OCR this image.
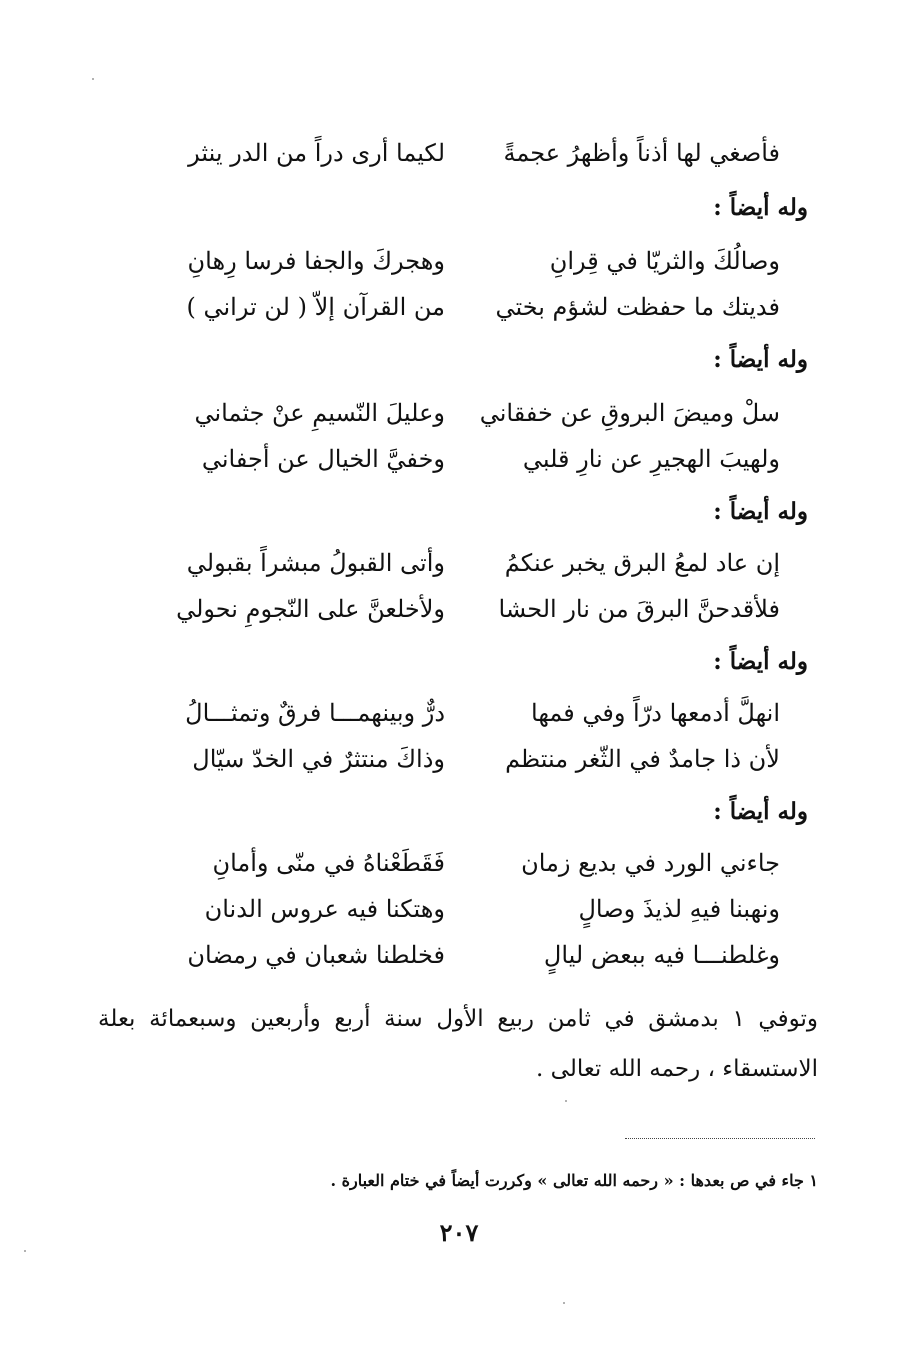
فأصغي لها أذناً وأظهرُ عجمةً
لكيما أرى دراً من الدر ينثر
وله أيضاً :
وصالُكَ والثريّا في قِرانِ
وهجركَ والجفا فرسا رِهانِ
فديتك ما حفظت لشؤم بختي
من القرآن إلاّ ( لن تراني )
وله أيضاً :
سلْ وميضَ البروقِ عن خفقاني
وعليلَ النّسيمِ عنْ جثماني
ولهيبَ الهجيرِ عن نارِ قلبي
وخفيَّ الخيال عن أجفاني
وله أيضاً :
إن عاد لمعُ البرق يخبر عنكمُ
وأتى القبولُ مبشراً بقبولي
فلأقدحنَّ البرقَ من نار الحشا
ولأخلعنَّ على النّجومِ نحولي
وله أيضاً :
انهلَّ أدمعها درّاً وفي فمها
درٌّ وبينهمـــا فرقٌ وتمثـــالُ
لأن ذا جامدٌ في الثّغر منتظم
وذاكَ منتثرٌ في الخدّ سيّال
وله أيضاً :
جاءني الورد في بديع زمان
فَقَطَعْناهُ في منّى وأمانِ
ونهبنا فيهِ لذيذَ وصالٍ
وهتكنا فيه عروس الدنان
وغلطنـــا فيه ببعض ليالٍ
فخلطنا شعبان في رمضان

وتوفي ١ بدمشق في ثامن ربيع الأول سنة أربع وأربعين وسبعمائة بعلة الاستسقاء ، رحمه الله تعالى .

١ جاء في ص بعدها : « رحمه الله تعالى » وكررت أيضاً في ختام العبارة .
٢٠٧
